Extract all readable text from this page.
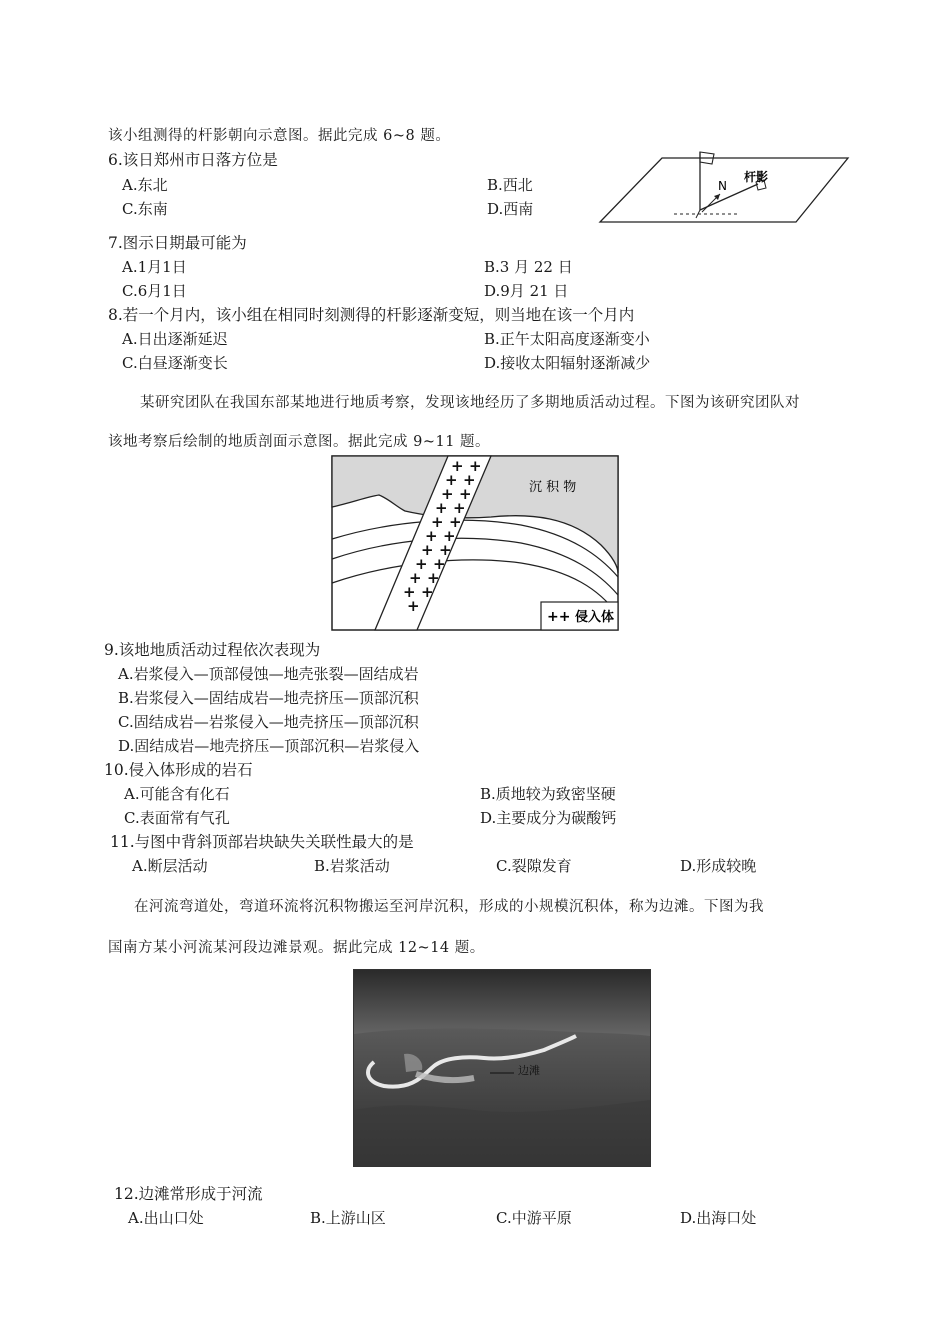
该小组测得的杆影朝向示意图。据此完成 6~8 题。
6.该日郑州市日落方位是
A.东北	B.西北
C.东南	D.西南
N
杆影
7.图示日期最可能为
A.1月1日	B.3 月 22 日
C.6月1日	D.9月 21 日
8.若一个月内，该小组在相同时刻测得的杆影逐渐变短，则当地在该一个月内
A.日出逐渐延迟	B.正午太阳高度逐渐变小
C.白昼逐渐变长	D.接收太阳辐射逐渐减少
某研究团队在我国东部某地进行地质考察，发现该地经历了多期地质活动过程。下图为该研究团队对
该地考察后绘制的地质剖面示意图。据此完成 9~11 题。
沉 积 物
+ +
+ +
+ +
+ +
+ +
+ +
+ +
+ +
+ +
+ +
+
++ 侵入体
9.该地地质活动过程依次表现为
A.岩浆侵入—顶部侵蚀—地壳张裂—固结成岩
B.岩浆侵入—固结成岩—地壳挤压—顶部沉积
C.固结成岩—岩浆侵入—地壳挤压—顶部沉积
D.固结成岩—地壳挤压—顶部沉积—岩浆侵入
10.侵入体形成的岩石
A.可能含有化石	B.质地较为致密坚硬
C.表面常有气孔	D.主要成分为碳酸钙
11.与图中背斜顶部岩块缺失关联性最大的是
A.断层活动	B.岩浆活动	C.裂隙发育	D.形成较晚
在河流弯道处，弯道环流将沉积物搬运至河岸沉积，形成的小规模沉积体，称为边滩。下图为我
国南方某小河流某河段边滩景观。据此完成 12~14 题。
边滩
12.边滩常形成于河流
A.出山口处	B.上游山区	C.中游平原	D.出海口处
